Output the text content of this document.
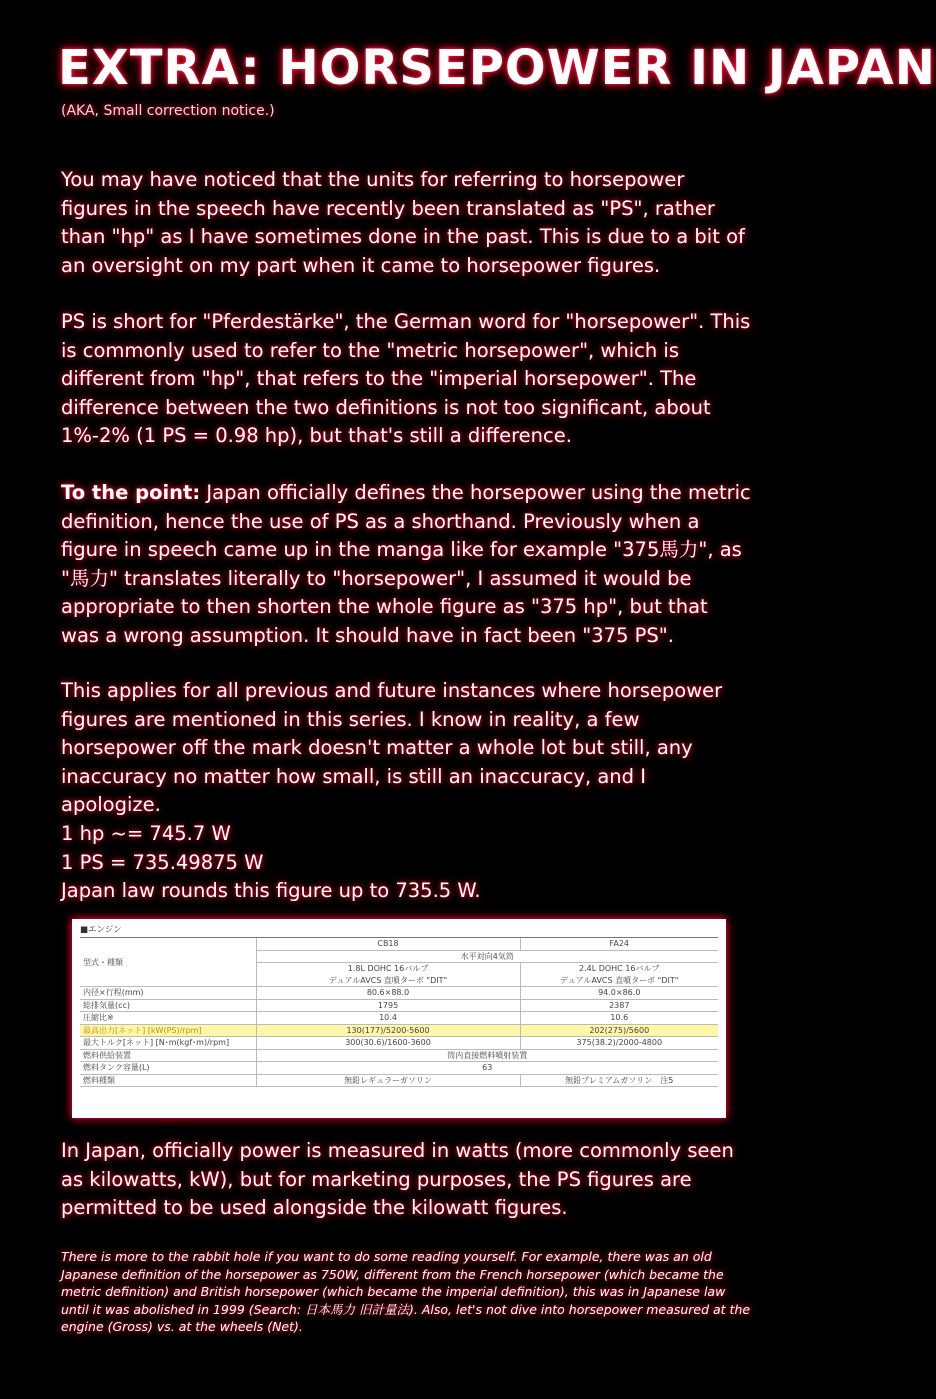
EXTRA: HORSEPOWER IN JAPAN
(AKA, Small correction notice.)

You may have noticed that the units for referring to horsepower figures in the speech have recently been translated as "PS", rather than "hp" as I have sometimes done in the past. This is due to a bit of an oversight on my part when it came to horsepower figures.

PS is short for "Pferdestärke", the German word for "horsepower". This is commonly used to refer to the "metric horsepower", which is different from "hp", that refers to the "imperial horsepower". The difference between the two definitions is not too significant, about 1%-2% (1 PS = 0.98 hp), but that's still a difference.

To the point: Japan officially defines the horsepower using the metric definition, hence the use of PS as a shorthand. Previously when a figure in speech came up in the manga like for example "375馬力", as "馬力" translates literally to "horsepower", I assumed it would be appropriate to then shorten the whole figure as "375 hp", but that was a wrong assumption. It should have in fact been "375 PS".

This applies for all previous and future instances where horsepower figures are mentioned in this series. I know in reality, a few horsepower off the mark doesn't matter a whole lot but still, any inaccuracy no matter how small, is still an inaccuracy, and I apologize.

1 hp ~= 745.7 W
1 PS = 735.49875 W
Japan law rounds this figure up to 735.5 W.

■エンジン
型式・種類	CB18	FA24
	水平対向4気筒	
	1.8L DOHC 16バルブ	2.4L DOHC 16バルブ
	デュアルAVCS 直噴ターボ "DIT"	デュアルAVCS 直噴ターボ "DIT"
内径×行程(mm)	80.6×88.0	94.0×86.0
総排気量(cc)	1795	2387
圧縮比※	10.4	10.6
最高出力[ネット] [kW(PS)/rpm]	130(177)/5200-5600	202(275)/5600
最大トルク[ネット] [N･m(kgf･m)/rpm]	300(30.6)/1600-3600	375(38.2)/2000-4800
燃料供給装置	筒内直接燃料噴射装置	
燃料タンク容量(L)	63	
燃料種類	無鉛レギュラーガソリン	無鉛プレミアムガソリン　注5

In Japan, officially power is measured in watts (more commonly seen as kilowatts, kW), but for marketing purposes, the PS figures are permitted to be used alongside the kilowatt figures.

There is more to the rabbit hole if you want to do some reading yourself. For example, there was an old Japanese definition of the horsepower as 750W, different from the French horsepower (which became the metric definition) and British horsepower (which became the imperial definition), this was in Japanese law until it was abolished in 1999 (Search: 日本馬力 旧計量法). Also, let's not dive into horsepower measured at the engine (Gross) vs. at the wheels (Net).
